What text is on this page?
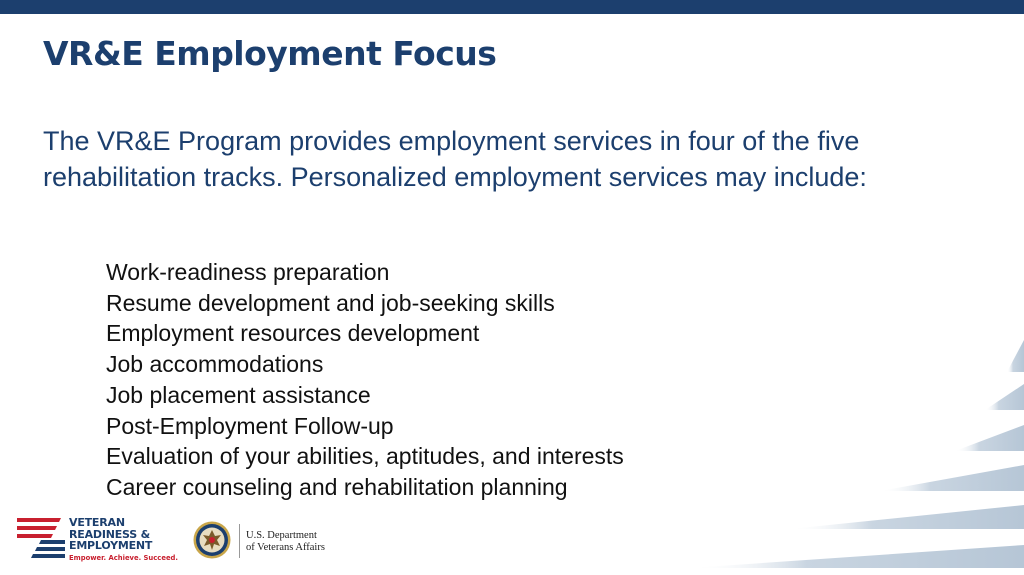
VR&E Employment Focus

The VR&E Program provides employment services in four of the five rehabilitation tracks. Personalized employment services may include:

Work-readiness preparation
Resume development and job-seeking skills
Employment resources development
Job accommodations
Job placement assistance
Post-Employment Follow-up
Evaluation of your abilities, aptitudes, and interests
Career counseling and rehabilitation planning
VETERAN
READINESS &
EMPLOYMENT
Empower. Achieve. Succeed.
U.S. Department
of Veterans Affairs
